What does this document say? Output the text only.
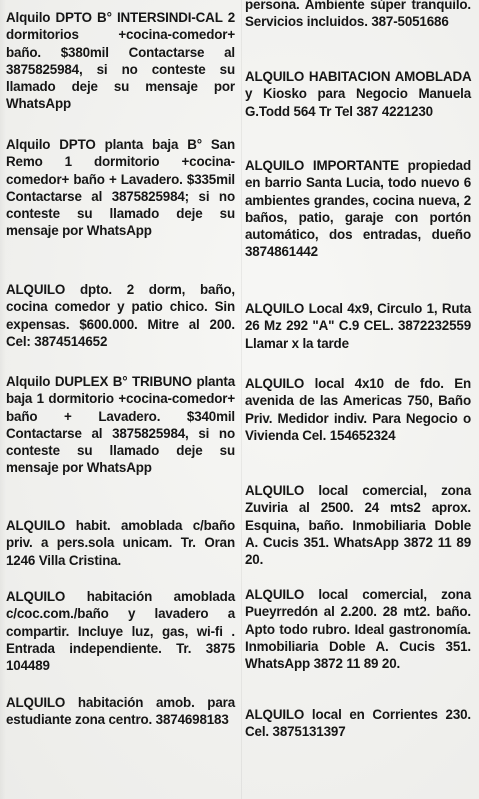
Alquilo DPTO B° INTERSINDI-CAL 2 dormitorios +cocina-comedor+ baño. $380mil Contactarse al 3875825984, si no conteste su llamado deje su mensaje por WhatsApp

Alquilo DPTO planta baja B° San Remo 1 dormitorio +cocina-comedor+ baño + Lavadero. $335mil Contactarse al 3875825984; si no conteste su llamado deje su mensaje por WhatsApp

ALQUILO dpto. 2 dorm, baño, cocina comedor y patio chico. Sin expensas. $600.000. Mitre al 200. Cel: 3874514652

Alquilo DUPLEX B° TRIBUNO planta baja 1 dormitorio +cocina-comedor+ baño + Lavadero. $340mil Contactarse al 3875825984, si no conteste su llamado deje su mensaje por WhatsApp

ALQUILO habit. amoblada c/baño priv. a pers.sola unicam. Tr. Oran 1246 Villa Cristina.

ALQUILO habitación amoblada c/coc.com./baño y lavadero a compartir. Incluye luz, gas, wi-fi . Entrada independiente. Tr. 3875 104489

ALQUILO habitación amob. para estudiante zona centro. 3874698183

persona. Ambiente súper tranquilo. Servicios incluidos. 387-5051686

ALQUILO HABITACION AMOBLADA y Kiosko para Negocio Manuela G.Todd 564 Tr Tel 387 4221230

ALQUILO IMPORTANTE propiedad en barrio Santa Lucia, todo nuevo 6 ambientes grandes, cocina nueva, 2 baños, patio, garaje con portón automático, dos entradas, dueño 3874861442

ALQUILO Local 4x9, Circulo 1, Ruta 26 Mz 292 "A" C.9 CEL. 3872232559 Llamar x la tarde

ALQUILO local 4x10 de fdo. En avenida de las Americas 750, Baño Priv. Medidor indiv. Para Negocio o Vivienda Cel. 154652324

ALQUILO local comercial, zona Zuviria al 2500. 24 mts2 aprox. Esquina, baño. Inmobiliaria Doble A. Cucis 351. WhatsApp 3872 11 89 20.

ALQUILO local comercial, zona Pueyrredón al 2.200. 28 mt2. baño. Apto todo rubro. Ideal gastronomía. Inmobiliaria Doble A. Cucis 351. WhatsApp 3872 11 89 20.

ALQUILO local en Corrientes 230. Cel. 3875131397
